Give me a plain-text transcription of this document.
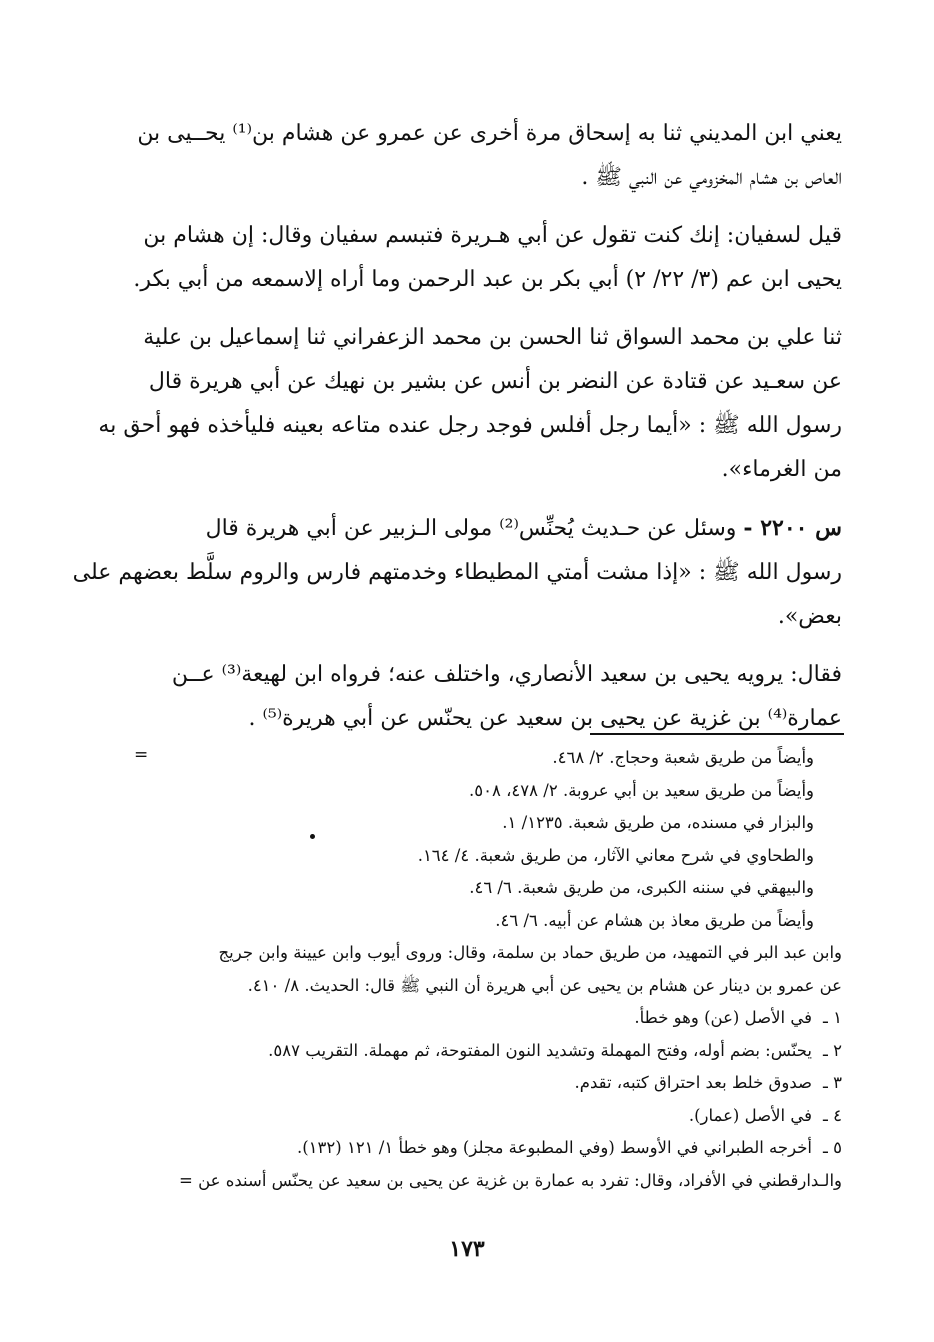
يعني ابن المديني ثنا به إسحاق مرة أخرى عن عمرو عن هشام بن⁽¹⁾ يحــيى بن
العاص بن هشام المخزومي عن النبي ﷺ .

قيل لسفيان: إنك كنت تقول عن أبي هـريرة فتبسم سفيان وقال: إن هشام بن
يحيى ابن عم (٣/ ٢٢/ ٢) أبي بكر بن عبد الرحمن وما أراه إلاسمعه من أبي بكر.

ثنا علي بن محمد السواق ثنا الحسن بن محمد الزعفراني ثنا إسماعيل بن علية
عن سعـيد عن قتادة عن النضر بن أنس عن بشير بن نهيك عن أبي هريرة قال
رسول الله ﷺ : «أيما رجل أفلس فوجد رجل عنده متاعه بعينه فليأخذه فهو أحق به
من الغرماء».

س ٢٢٠٠ - وسئل عن حـديث يُحنِّس⁽²⁾ مولى الـزبير عن أبي هريرة قال
رسول الله ﷺ : «إذا مشت أمتي المطيطاء وخدمتهم فارس والروم سلَّط بعضهم على
بعض».

فقال: يرويه يحيى بن سعيد الأنصاري، واختلف عنه؛ فرواه ابن لهيعة⁽³⁾ عــن
عمارة⁽⁴⁾ بن غزية عن يحيى بن سعيد عن يحنّس عن أبي هريرة⁽⁵⁾ .

=	وأيضاً من طريق شعبة وحجاج. ٢/ ٤٦٨.
وأيضاً من طريق سعيد بن أبي عروبة. ٢/ ٤٧٨، ٥٠٨.
والبزار في مسنده، من طريق شعبة. ١٢٣٥/ ١.
والطحاوي في شرح معاني الآثار، من طريق شعبة. ٤/ ١٦٤.
والبيهقي في سننه الكبرى، من طريق شعبة. ٦/ ٤٦.
وأيضاً من طريق معاذ بن هشام عن أبيه. ٦/ ٤٦.
وابن عبد البر في التمهيد، من طريق حماد بن سلمة، وقال: وروى أيوب وابن عيينة وابن جريج
عن عمرو بن دينار عن هشام بن يحيى عن أبي هريرة أن النبي ﷺ قال: الحديث. ٨/ ٤١٠.
١ ـفي الأصل (عن) وهو خطأ.
٢ ـيحنّس: بضم أوله، وفتح المهملة وتشديد النون المفتوحة، ثم مهملة. التقريب ٥٨٧.
٣ ـصدوق خلط بعد احتراق كتبه، تقدم.
٤ ـفي الأصل (عمار).
٥ ـأخرجه الطبراني في الأوسط (وفي المطبوعة مجلز) وهو خطأ ١/ ١٢١ (١٣٢).
والـدارقطني في الأفراد، وقال: تفرد به عمارة بن غزية عن يحيى بن سعيد عن يحنّس أسنده عن =
١٧٣
